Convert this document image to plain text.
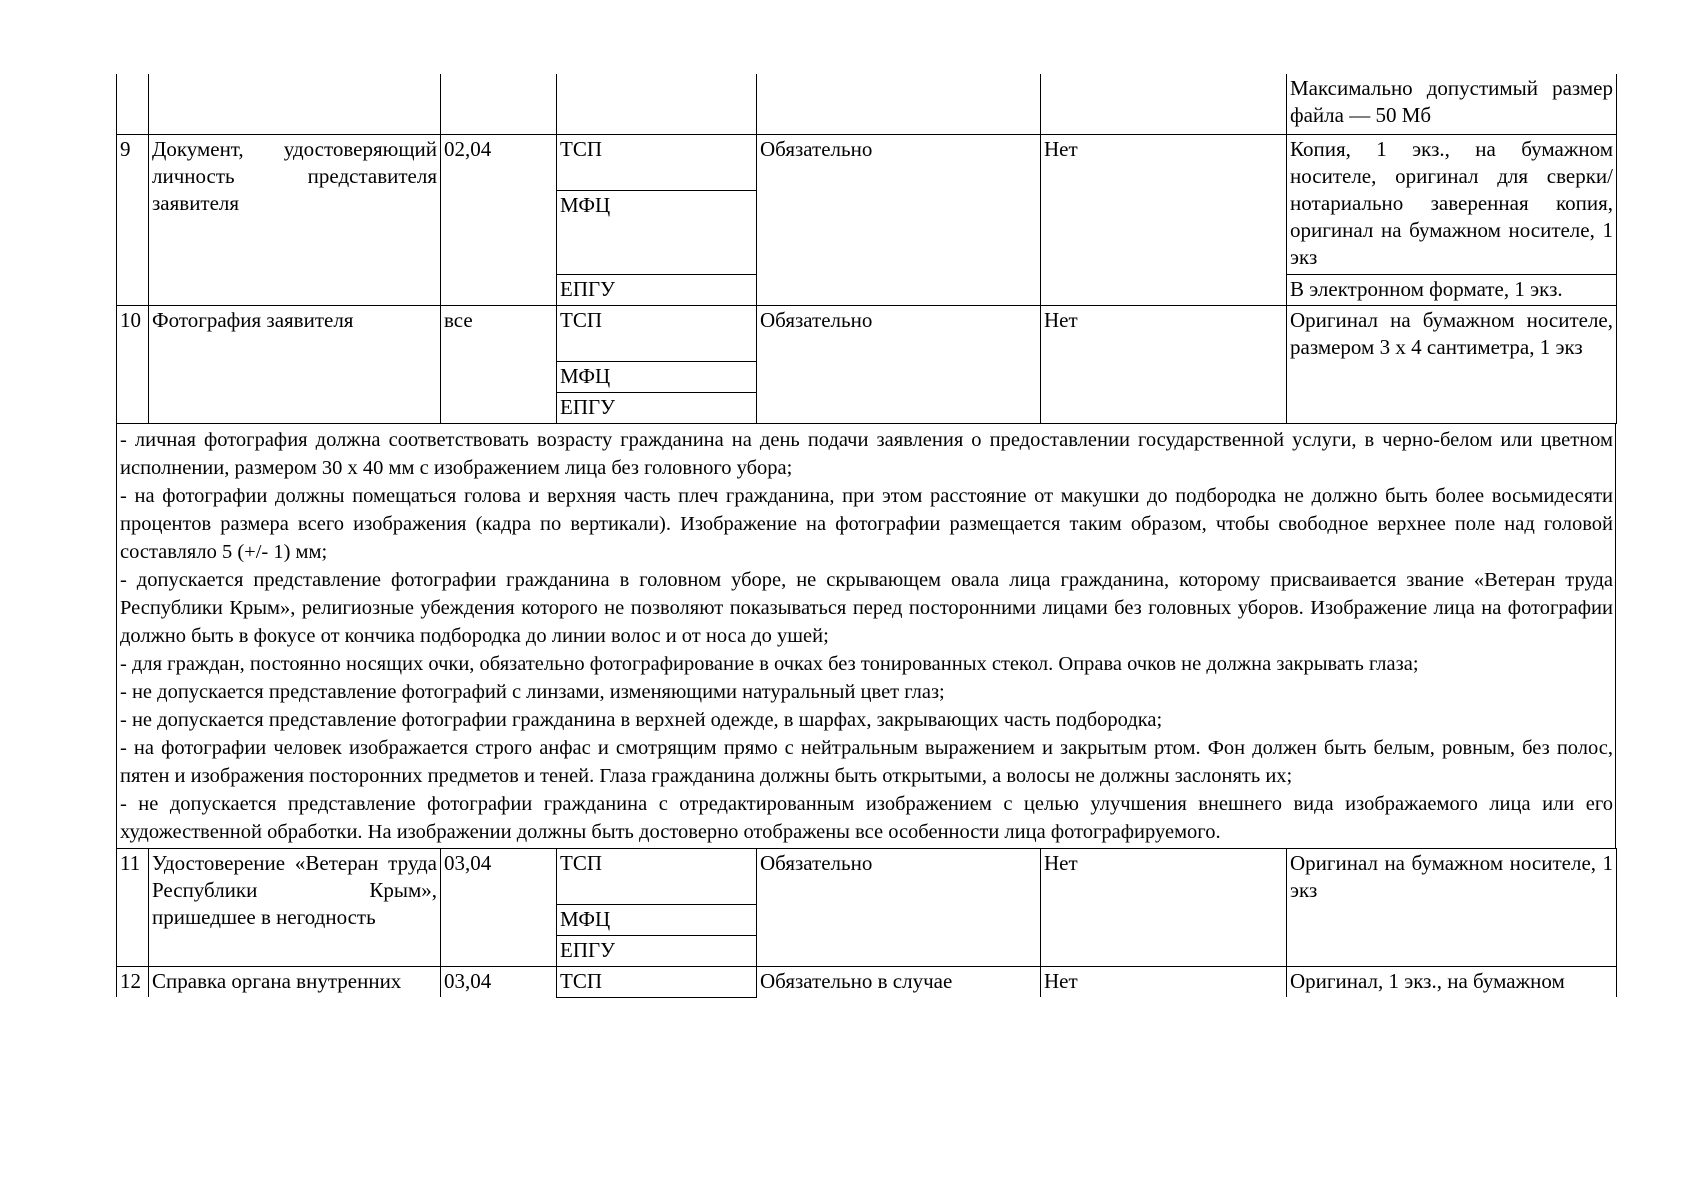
						Максимально допустимый размер файла — 50 Мб
9	Документ, удостоверяющий личность представителя заявителя	02,04	ТСП	Обязательно	Нет	Копия, 1 экз., на бумажном носителе, оригинал для сверки/нотариально заверенная копия, оригинал на бумажном носителе, 1 экз
			МФЦ			
			ЕПГУ			В электронном формате, 1 экз.
10	Фотография заявителя	все	ТСП	Обязательно	Нет	Оригинал на бумажном носителе, размером 3 x 4 сантиметра, 1 экз
			МФЦ			
			ЕПГУ			

- личная фотография должна соответствовать возрасту гражданина на день подачи заявления о предоставлении государственной услуги, в черно-белом или цветном исполнении, размером 30 x 40 мм с изображением лица без головного убора;

- на фотографии должны помещаться голова и верхняя часть плеч гражданина, при этом расстояние от макушки до подбородка не должно быть более восьмидесяти процентов размера всего изображения (кадра по вертикали). Изображение на фотографии размещается таким образом, чтобы свободное верхнее поле над головой составляло 5 (+/- 1) мм;

- допускается представление фотографии гражданина в головном уборе, не скрывающем овала лица гражданина, которому присваивается звание «Ветеран труда Республики Крым», религиозные убеждения которого не позволяют показываться перед посторонними лицами без головных уборов. Изображение лица на фотографии должно быть в фокусе от кончика подбородка до линии волос и от носа до ушей;

- для граждан, постоянно носящих очки, обязательно фотографирование в очках без тонированных стекол. Оправа очков не должна закрывать глаза;

- не допускается представление фотографий с линзами, изменяющими натуральный цвет глаз;

- не допускается представление фотографии гражданина в верхней одежде, в шарфах, закрывающих часть подбородка;

- на фотографии человек изображается строго анфас и смотрящим прямо с нейтральным выражением и закрытым ртом. Фон должен быть белым, ровным, без полос, пятен и изображения посторонних предметов и теней. Глаза гражданина должны быть открытыми, а волосы не должны заслонять их;

- не допускается представление фотографии гражданина с отредактированным изображением с целью улучшения внешнего вида изображаемого лица или его художественной обработки. На изображении должны быть достоверно отображены все особенности лица фотографируемого.

11	Удостоверение «Ветеран труда Республики Крым», пришедшее в негодность	03,04	ТСП	Обязательно	Нет	Оригинал на бумажном носителе, 1 экз
			МФЦ			
			ЕПГУ			
12	Справка органа внутренних	03,04	ТСП	Обязательно в случае	Нет	Оригинал, 1 экз., на бумажном
